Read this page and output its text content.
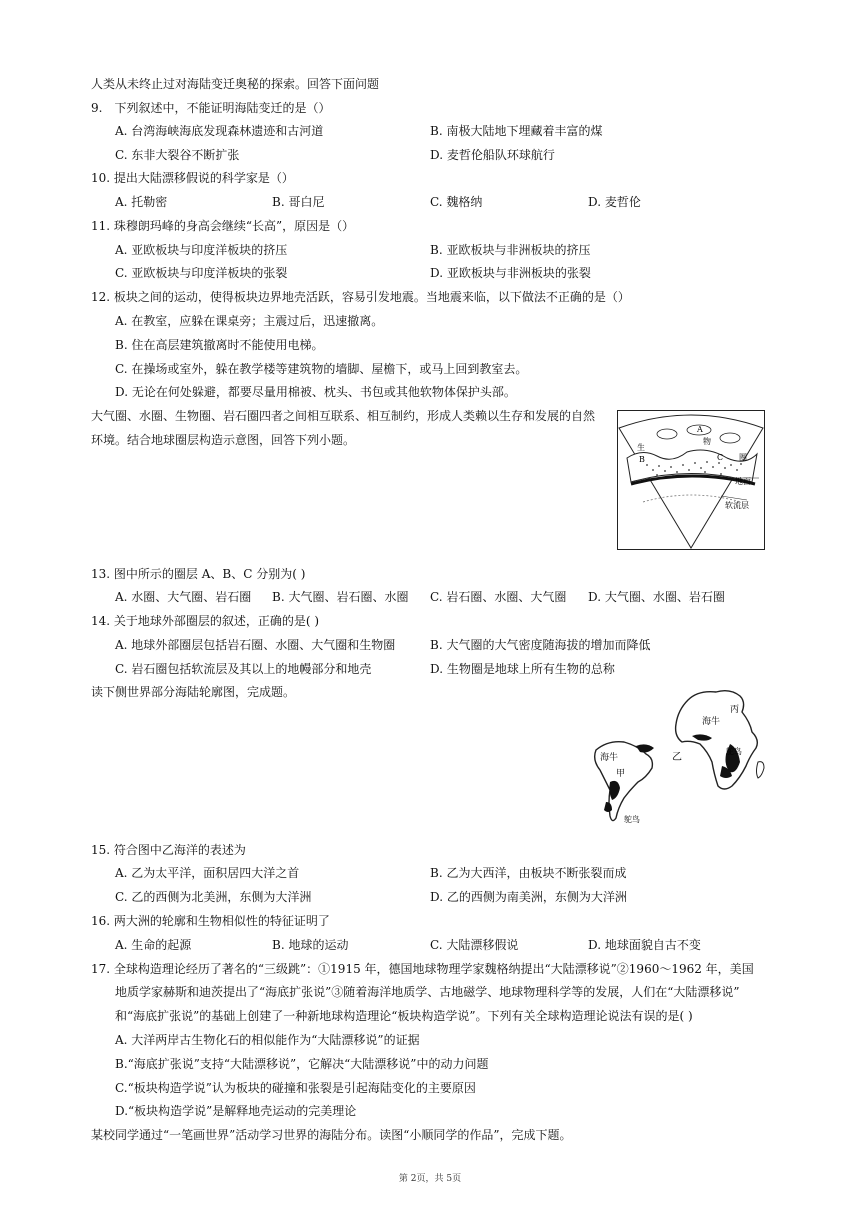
人类从未终止过对海陆变迁奥秘的探索。回答下面问题
9.　下列叙述中，不能证明海陆变迁的是（）
A. 台湾海峡海底发现森林遗迹和古河道	B. 南极大陆地下埋藏着丰富的煤
C. 东非大裂谷不断扩张	D. 麦哲伦船队环球航行
10. 提出大陆漂移假说的科学家是（）
A. 托勒密	B. 哥白尼	C. 魏格纳	D. 麦哲伦
11. 珠穆朗玛峰的身高会继续“长高”，原因是（）
A. 亚欧板块与印度洋板块的挤压	B. 亚欧板块与非洲板块的挤压
C. 亚欧板块与印度洋板块的张裂	D. 亚欧板块与非洲板块的张裂
12. 板块之间的运动，使得板块边界地壳活跃，容易引发地震。当地震来临，以下做法不正确的是（）
A. 在教室，应躲在课桌旁；主震过后，迅速撤离。
B. 住在高层建筑撤离时不能使用电梯。
C. 在操场或室外，躲在教学楼等建筑物的墙脚、屋檐下，或马上回到教室去。
D. 无论在何处躲避，都要尽量用棉被、枕头、书包或其他软物体保护头部。
大气圈、水圈、生物圈、岩石圈四者之间相互联系、相互制约，形成人类赖以生存和发展的自然
环境。结合地球圈层构造示意图，回答下列小题。
A
物
生
B	C 圈
地面
软流层
13. 图中所示的圈层 A、B、C 分别为( )
A. 水圈、大气圈、岩石圈 B. 大气圈、岩石圈、水圈 C. 岩石圈、水圈、大气圈 D. 大气圈、水圈、岩石圈
14. 关于地球外部圈层的叙述，正确的是( )
A. 地球外部圈层包括岩石圈、水圈、大气圈和生物圈	B. 大气圈的大气密度随海拔的增加而降低
C. 岩石圈包括软流层及其以上的地幔部分和地壳	D. 生物圈是地球上所有生物的总称
读下侧世界部分海陆轮廓图，完成题。
丙
海牛
鸵鸟
乙
海牛
甲
鸵鸟
15. 符合图中乙海洋的表述为
A. 乙为太平洋，面积居四大洋之首	B. 乙为大西洋，由板块不断张裂而成
C. 乙的西侧为北美洲，东侧为大洋洲	D. 乙的西侧为南美洲，东侧为大洋洲
16. 两大洲的轮廓和生物相似性的特征证明了
A. 生命的起源	B. 地球的运动	C. 大陆漂移假说	D. 地球面貌自古不变
17. 全球构造理论经历了著名的“三级跳”：①1915 年，德国地球物理学家魏格纳提出“大陆漂移说”②1960～1962 年，美国
地质学家赫斯和迪茨提出了“海底扩张说”③随着海洋地质学、古地磁学、地球物理科学等的发展，人们在“大陆漂移说”
和“海底扩张说”的基础上创建了一种新地球构造理论“板块构造学说”。下列有关全球构造理论说法有误的是( )
A. 大洋两岸古生物化石的相似能作为“大陆漂移说”的证据
B.“海底扩张说”支持“大陆漂移说”，它解决“大陆漂移说”中的动力问题
C.“板块构造学说”认为板块的碰撞和张裂是引起海陆变化的主要原因
D.“板块构造学说”是解释地壳运动的完美理论
某校同学通过“一笔画世界”活动学习世界的海陆分布。读图“小顺同学的作品”，完成下题。
第 2页，共 5页
